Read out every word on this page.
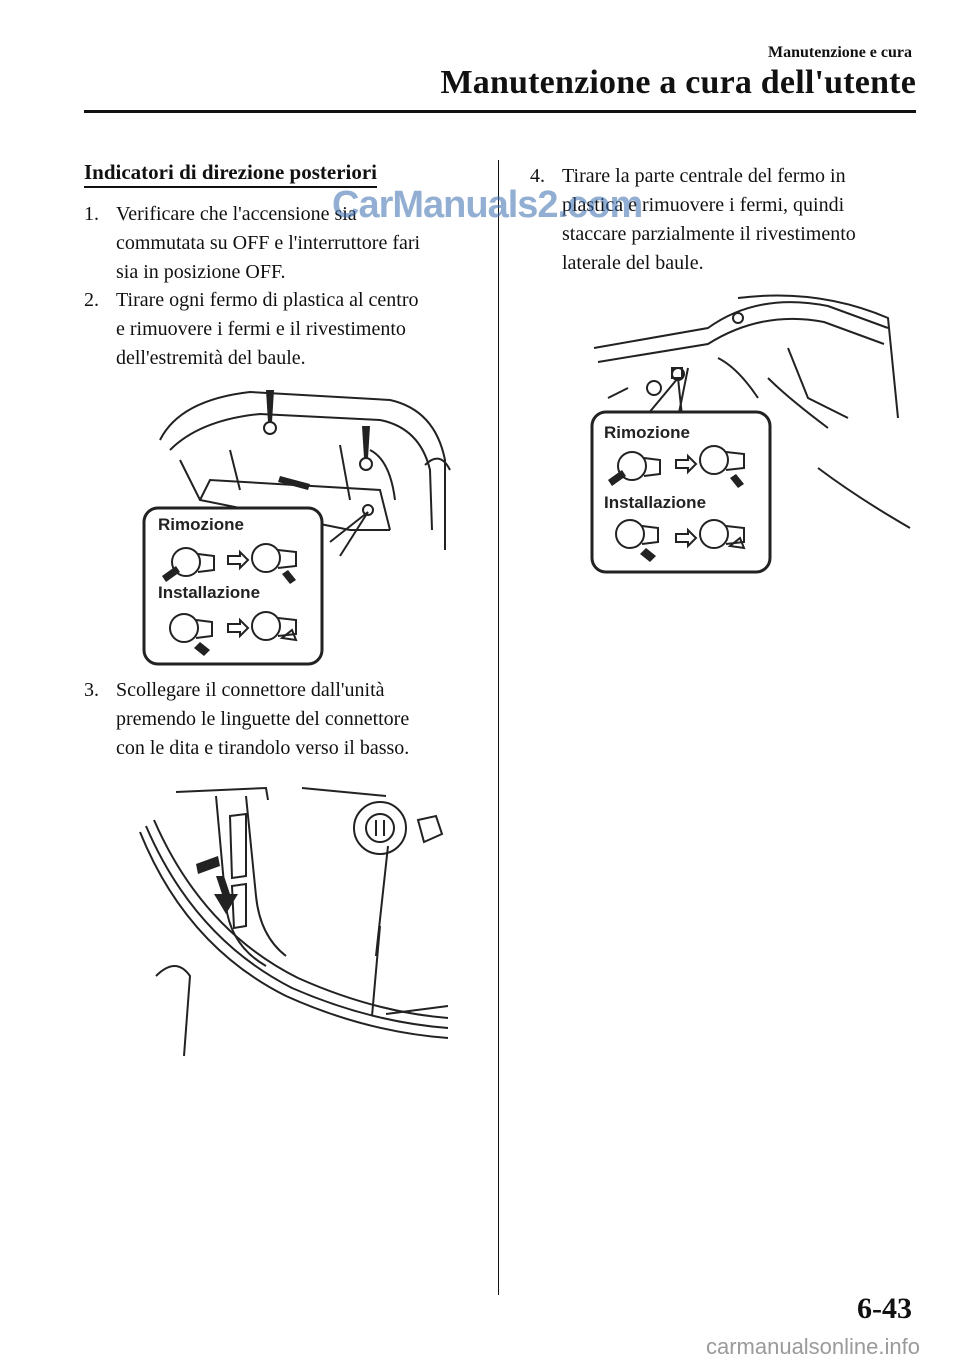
Manutenzione e cura
Manutenzione a cura dell'utente
Indicatori di direzione posteriori
1. Verificare che l'accensione sia
commutata su OFF e l'interruttore fari
sia in posizione OFF.
2. Tirare ogni fermo di plastica al centro
e rimuovere i fermi e il rivestimento
dell'estremità del baule.
Rimozione
Installazione
3. Scollegare il connettore dall'unità
premendo le linguette del connettore
con le dita e tirandolo verso il basso.
4. Tirare la parte centrale del fermo in
plastica e rimuovere i fermi, quindi
staccare parzialmente il rivestimento
laterale del baule.
Rimozione
Installazione
CarManuals2.com
6-43
carmanualsonline.info
